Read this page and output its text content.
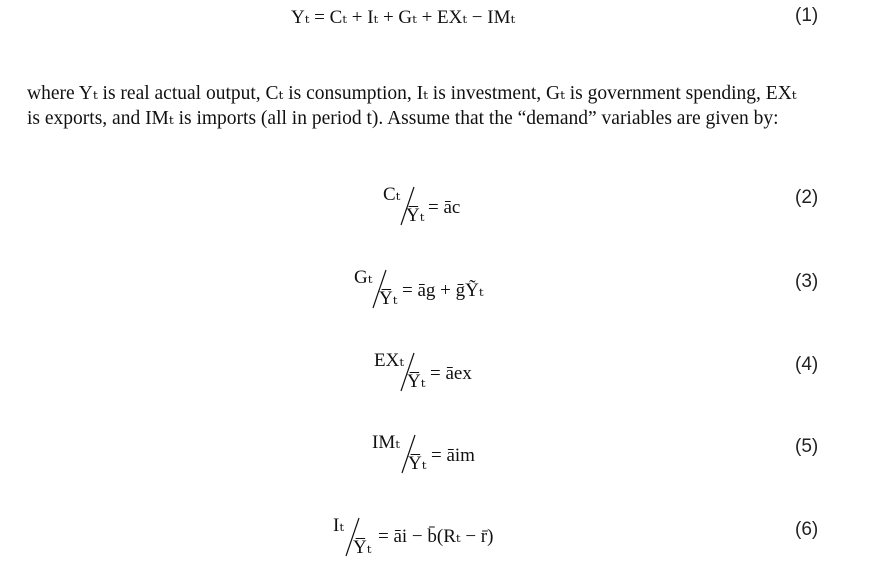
Yₜ = Cₜ + Iₜ + Gₜ + EXₜ − IMₜ	(1)
where Yₜ is real actual output, Cₜ is consumption, Iₜ is investment, Gₜ is government spending, EXₜ
is exports, and IMₜ is imports (all in period t). Assume that the “demand” variables are given by:
Cₜ
Y̅ₜ = āc	(2)
Gₜ
Y̅ₜ = āg + ḡỸₜ	(3)
EXₜ
Y̅ₜ = āex	(4)
IMₜ
Y̅ₜ = āim	(5)
Iₜ
Y̅ₜ
= āi − b̄(Rₜ − r̄)	(6)
